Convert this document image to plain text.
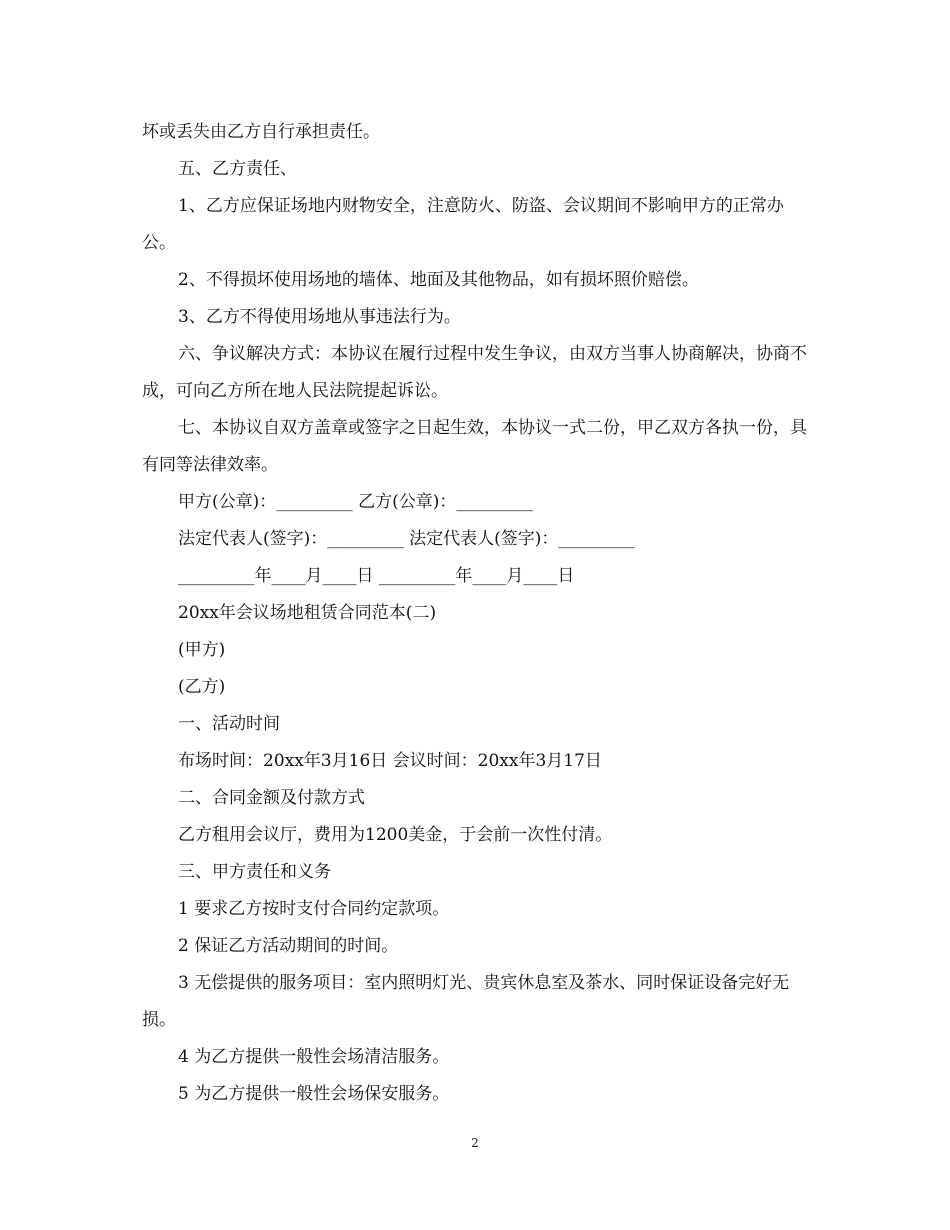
坏或丢失由乙方自行承担责任。

五、乙方责任、

1、乙方应保证场地内财物安全，注意防火、防盗、会议期间不影响甲方的正常办公。

2、不得损坏使用场地的墙体、地面及其他物品，如有损坏照价赔偿。

3、乙方不得使用场地从事违法行为。

六、争议解决方式：本协议在履行过程中发生争议，由双方当事人协商解决，协商不成，可向乙方所在地人民法院提起诉讼。

七、本协议自双方盖章或签字之日起生效，本协议一式二份，甲乙双方各执一份，具有同等法律效率。

甲方(公章)：_________ 乙方(公章)：_________

法定代表人(签字)：_________ 法定代表人(签字)：_________

_________年____月____日 _________年____月____日

20xx年会议场地租赁合同范本(二)

(甲方)

(乙方)

一、活动时间

布场时间：20xx年3月16日 会议时间：20xx年3月17日

二、合同金额及付款方式

乙方租用会议厅，费用为1200美金，于会前一次性付清。

三、甲方责任和义务

1 要求乙方按时支付合同约定款项。

2 保证乙方活动期间的时间。

3 无偿提供的服务项目：室内照明灯光、贵宾休息室及茶水、同时保证设备完好无损。

4 为乙方提供一般性会场清洁服务。

5 为乙方提供一般性会场保安服务。

2
